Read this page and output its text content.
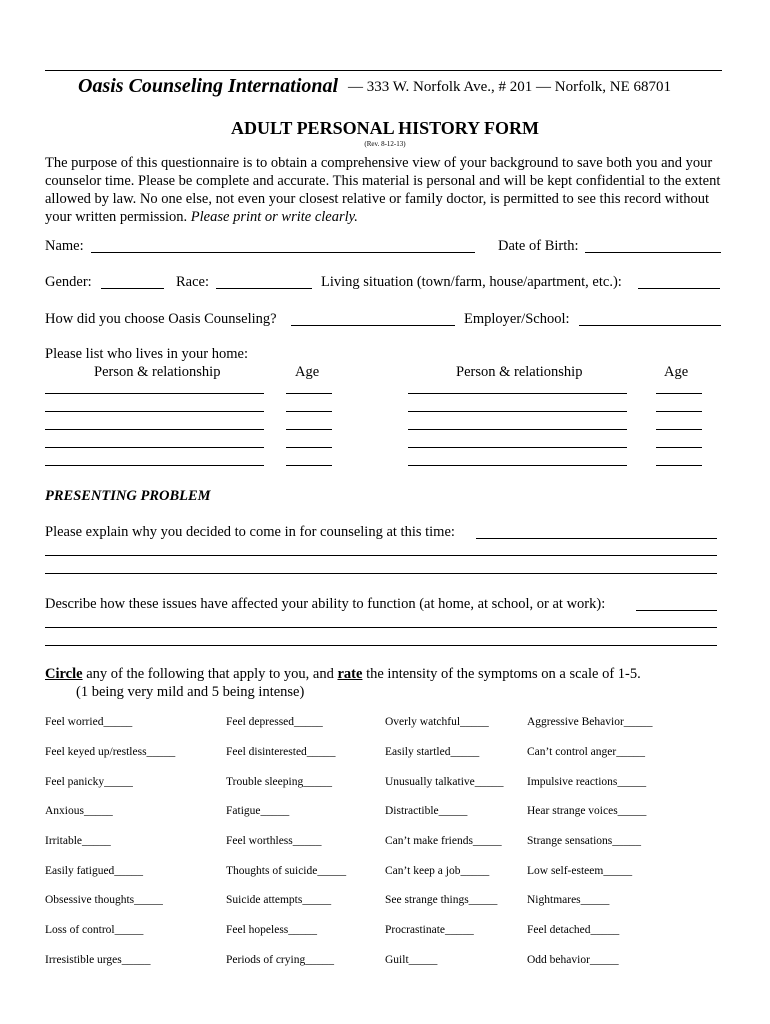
Oasis Counseling International — 333 W. Norfolk Ave., # 201 — Norfolk, NE 68701
ADULT PERSONAL HISTORY FORM
(Rev. 8-12-13)
The purpose of this questionnaire is to obtain a comprehensive view of your background to save both you and your counselor time. Please be complete and accurate. This material is personal and will be kept confidential to the extent allowed by law. No one else, not even your closest relative or family doctor, is permitted to see this record without your written permission. Please print or write clearly.
Name:	Date of Birth:
Gender:	Race:	Living situation (town/farm, house/apartment, etc.):
How did you choose Oasis Counseling?	Employer/School:
Please list who lives in your home:
Person & relationship	Age	Person & relationship	Age
PRESENTING PROBLEM
Please explain why you decided to come in for counseling at this time:
Describe how these issues have affected your ability to function (at home, at school, or at work):
Circle any of the following that apply to you, and rate the intensity of the symptoms on a scale of 1-5.
(1 being very mild and 5 being intense)
Feel worried_____	Feel depressed_____	Overly watchful_____	Aggressive Behavior_____
Feel keyed up/restless_____	Feel disinterested_____	Easily startled_____	Can’t control anger_____
Feel panicky_____	Trouble sleeping_____	Unusually talkative_____ Impulsive reactions_____
Anxious_____	Fatigue_____	Distractible_____	Hear strange voices_____
Irritable_____	Feel worthless_____	Can’t make friends_____ Strange sensations_____
Easily fatigued_____	Thoughts of suicide_____	Can’t keep a job_____	Low self-esteem_____
Obsessive thoughts_____	Suicide attempts_____	See strange things_____	Nightmares_____
Loss of control_____	Feel hopeless_____	Procrastinate_____	Feel detached_____
Irresistible urges_____	Periods of crying_____	Guilt_____	Odd behavior_____
